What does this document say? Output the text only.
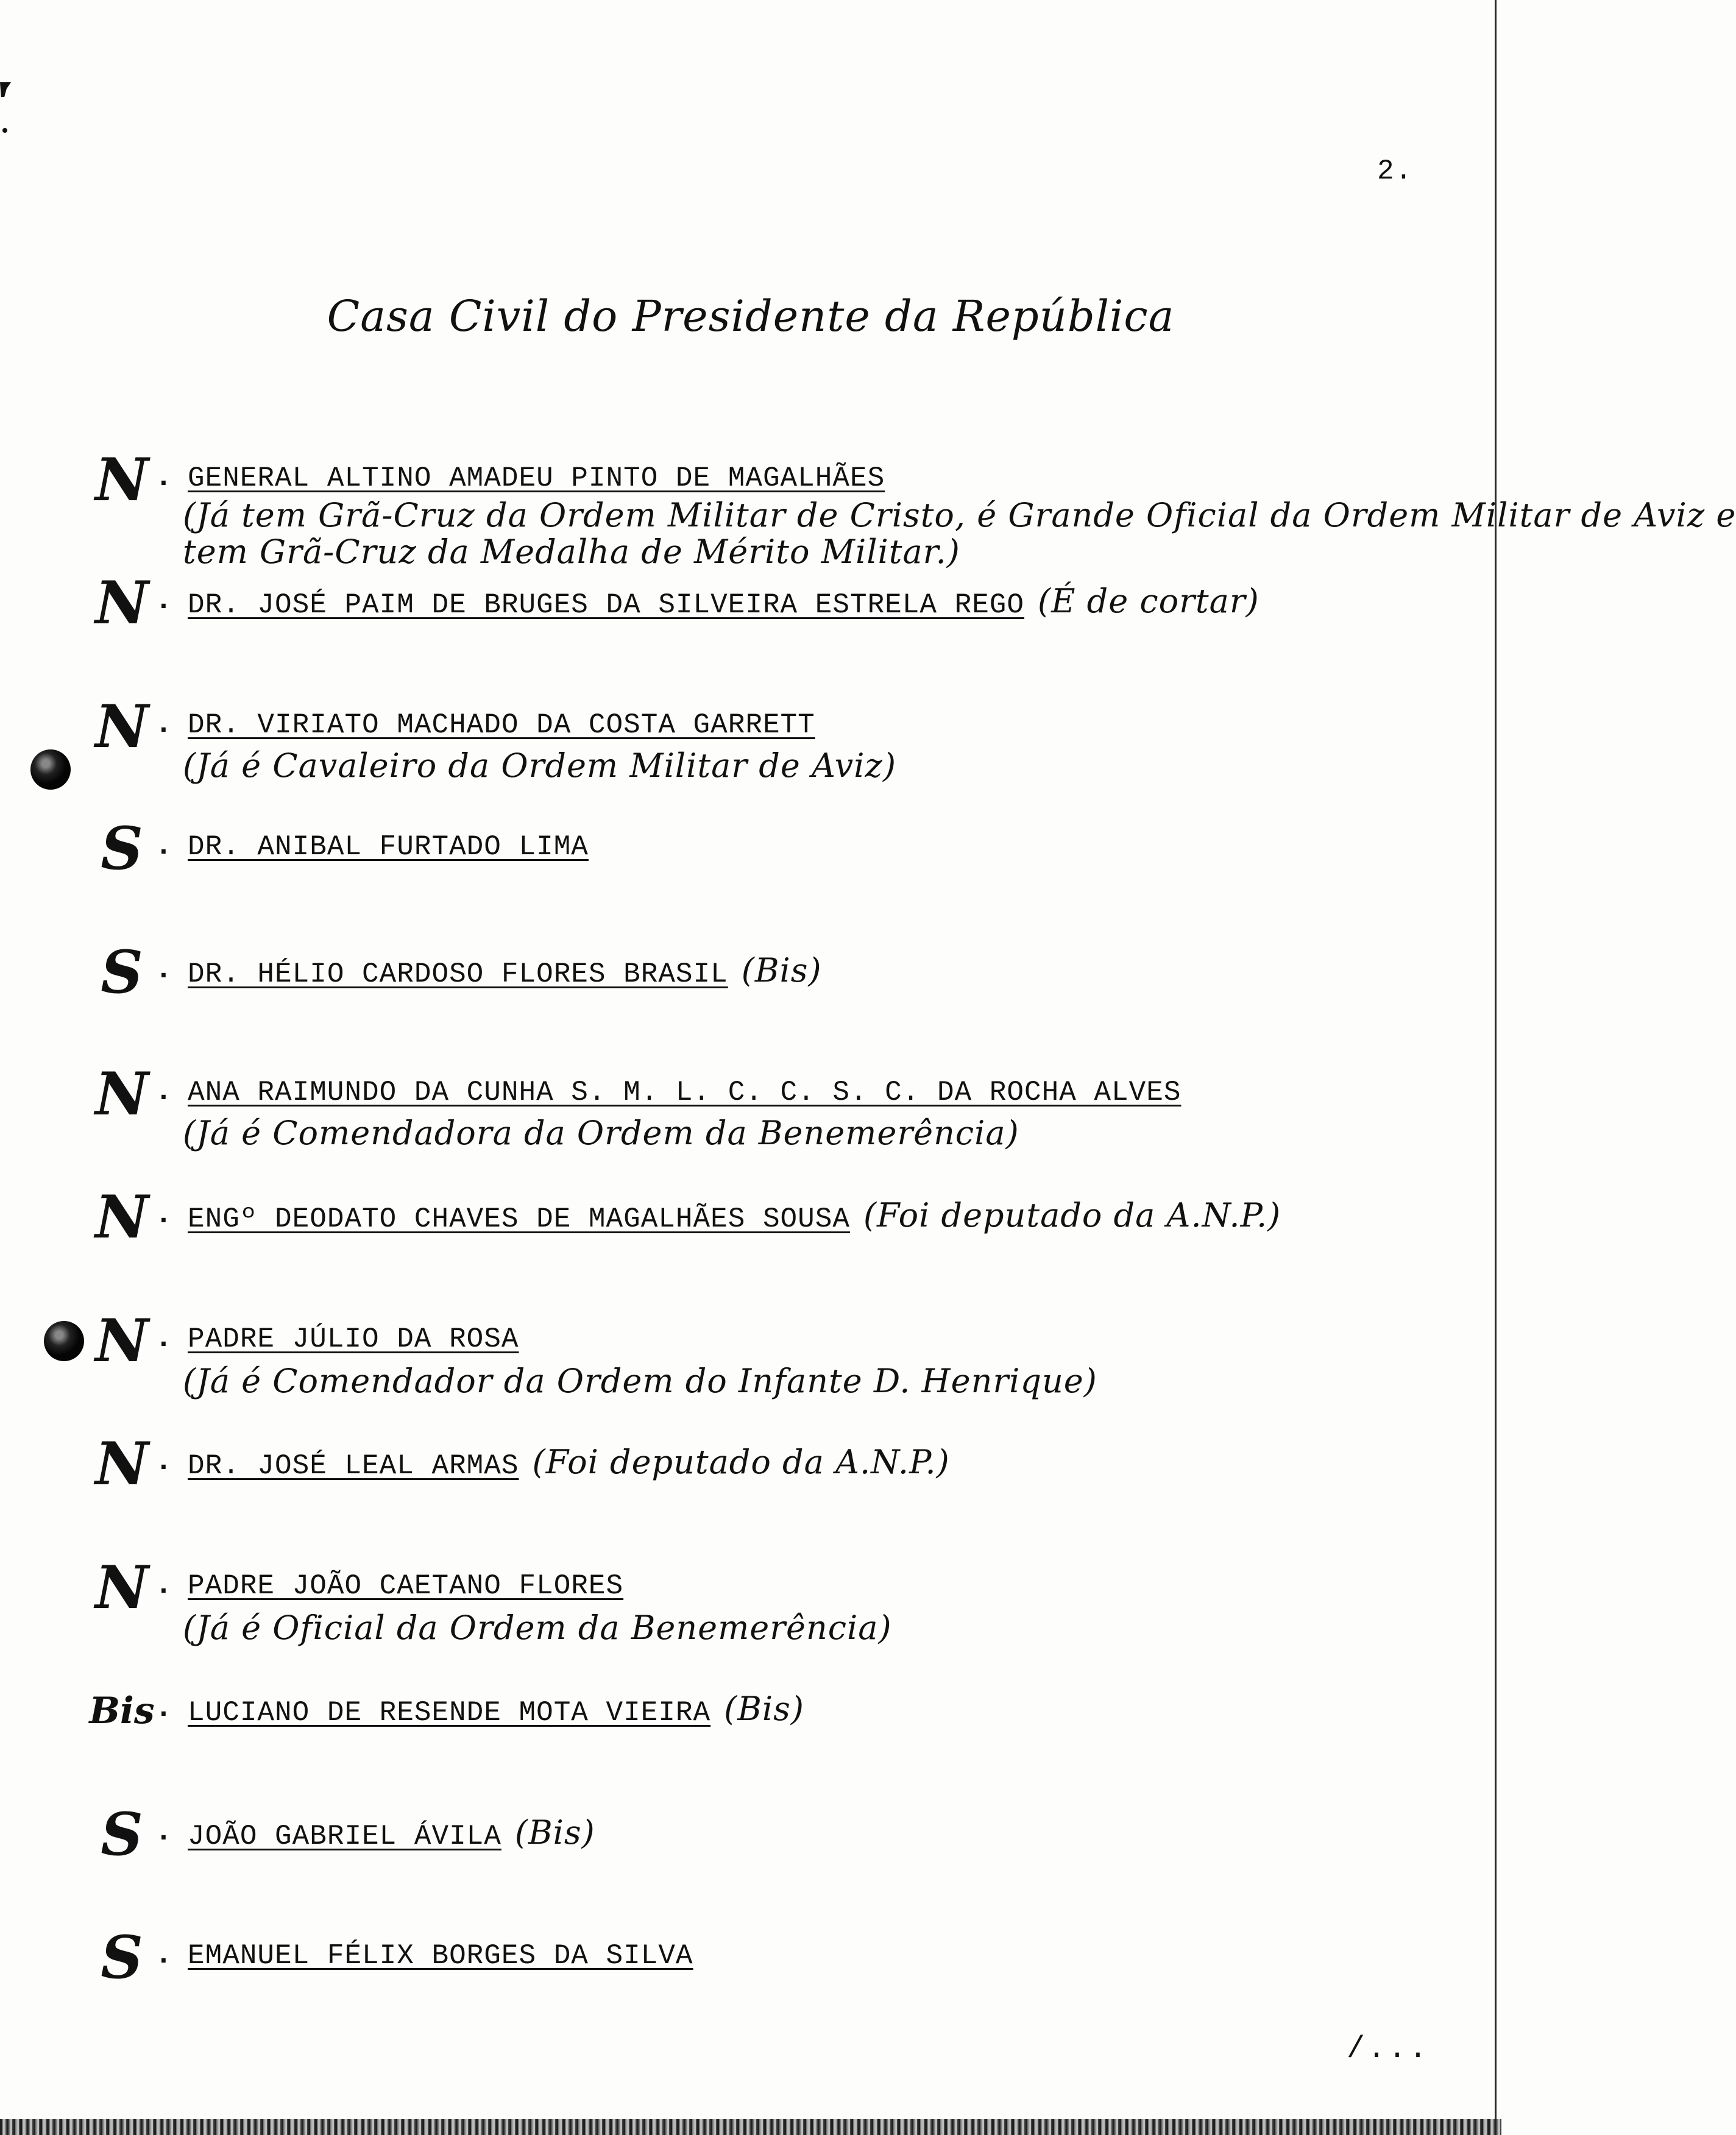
2.
Casa Civil do Presidente da República
N . GENERAL ALTINO AMADEU PINTO DE MAGALHÃES
(Já tem Grã-Cruz da Ordem Militar de Cristo, é Grande Oficial da Ordem Militar de Aviz e
tem Grã-Cruz da Medalha de Mérito Militar.)
N . DR. JOSÉ PAIM DE BRUGES DA SILVEIRA ESTRELA REGO (É de cortar)
N . DR. VIRIATO MACHADO DA COSTA GARRETT
(Já é Cavaleiro da Ordem Militar de Aviz)
S . DR. ANIBAL FURTADO LIMA
S . DR. HÉLIO CARDOSO FLORES BRASIL (Bis)
N . ANA RAIMUNDO DA CUNHA S. M. L. C. C. S. C. DA ROCHA ALVES
(Já é Comendadora da Ordem da Benemerência)
N . ENGº DEODATO CHAVES DE MAGALHÃES SOUSA (Foi deputado da A.N.P.)
N . PADRE JÚLIO DA ROSA
(Já é Comendador da Ordem do Infante D. Henrique)
N . DR. JOSÉ LEAL ARMAS (Foi deputado da A.N.P.)
N . PADRE JOÃO CAETANO FLORES
(Já é Oficial da Ordem da Benemerência)
Bis . LUCIANO DE RESENDE MOTA VIEIRA (Bis)
S . JOÃO GABRIEL ÁVILA (Bis)
S . EMANUEL FÉLIX BORGES DA SILVA
/...
